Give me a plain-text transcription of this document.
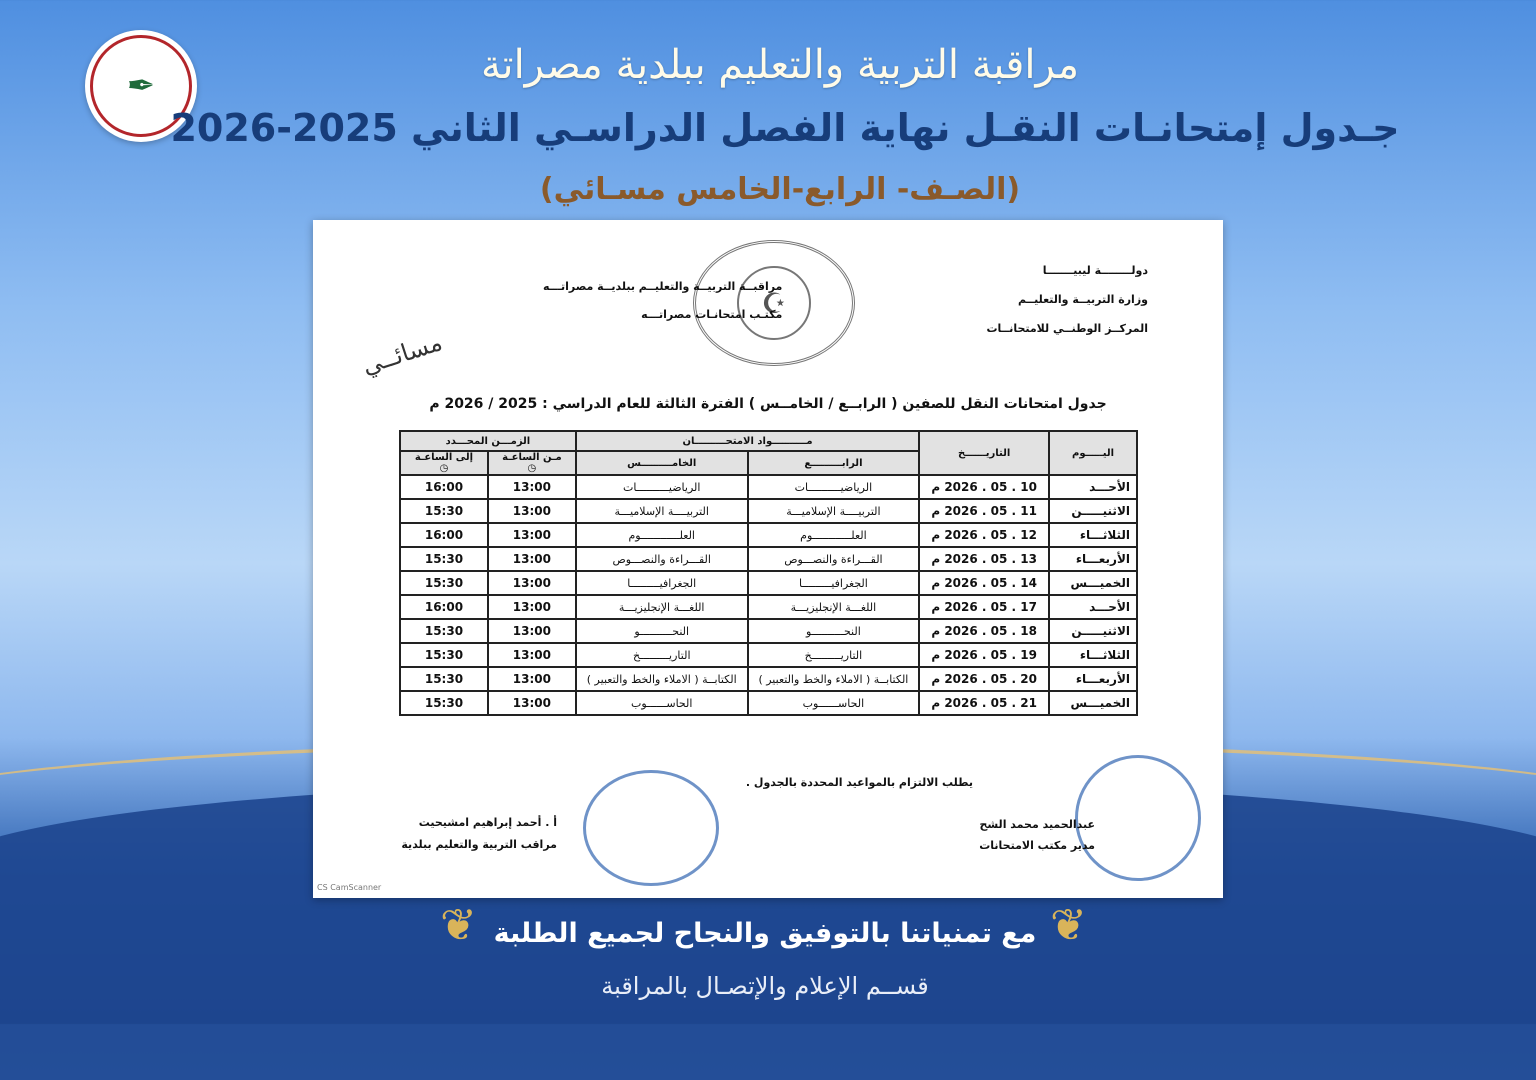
✒	مراقبة التربية والتعليم ببلدية مصراتة
جـدول إمتحانـات النقـل نهاية الفصل الدراسـي الثاني 2025-2026
(الصـف- الرابع-الخامس مسـائي)
دولــــــــة ليبيـــــــا
وزارة التربيــة والتعليــم
المركــز الوطنــي للامتحانــات
☪
مراقبــة التربيــة والتعليــم ببلديــة مصراتـــه
مكتـب امتحانـات مصراتـــه
مسائــي
جدول امتحانات النقل للصفين ( الرابــع / الخامــس ) الفترة الثالثة للعام الدراسي : 2025 / 2026 م
اليـــــوم	التاريــــــخ	مــــــــــواد الامتحـــــــــان		الزمـــن المحـــدد	
		الرابـــــــــع	الخامـــــــــس	مـن الساعـة
◷	إلى الساعـة
◷

الأحـــد	10 . 05 . 2026 م	الرياضيــــــــــات	الرياضيــــــــــات	13:00	16:00
الاثنيـــــن	11 . 05 . 2026 م	التربيــــة الإسلاميـــة	التربيــــة الإسلاميـــة	13:00	15:30
الثلاثـــاء	12 . 05 . 2026 م	العلــــــــــــوم	العلــــــــــــوم	13:00	16:00
الأربعـــاء	13 . 05 . 2026 م	القـــراءة والنصـــوص	القـــراءة والنصـــوص	13:00	15:30
الخميـــس	14 . 05 . 2026 م	الجغرافيـــــــــا	الجغرافيـــــــــا	13:00	15:30
الأحـــد	17 . 05 . 2026 م	اللغـــة الإنجليزيـــة	اللغـــة الإنجليزيـــة	13:00	16:00
الاثنيـــــن	18 . 05 . 2026 م	النحــــــــــو	النحــــــــــو	13:00	15:30
الثلاثـــاء	19 . 05 . 2026 م	التاريـــــــــخ	التاريـــــــــخ	13:00	15:30
الأربعـــاء	20 . 05 . 2026 م	الكتابــة ( الاملاء والخط والتعبير )	الكتابــة ( الاملاء والخط والتعبير )	13:00	15:30
الخميـــس	21 . 05 . 2026 م	الحاســــــوب	الحاســــــوب	13:00	15:30
يطلب الالتزام بالمواعيد المحددة بالجدول .
أ . أحمد إبراهيم امشيحيت
مراقب التربية والتعليم ببلدية
عبدالحميد محمد الشح
مدير مكتب الامتحانات
CS CamScanner
❦	❦
مع تمنياتنا بالتوفيق والنجاح لجميع الطلبة
قســم الإعلام والإتصـال بالمراقبة
